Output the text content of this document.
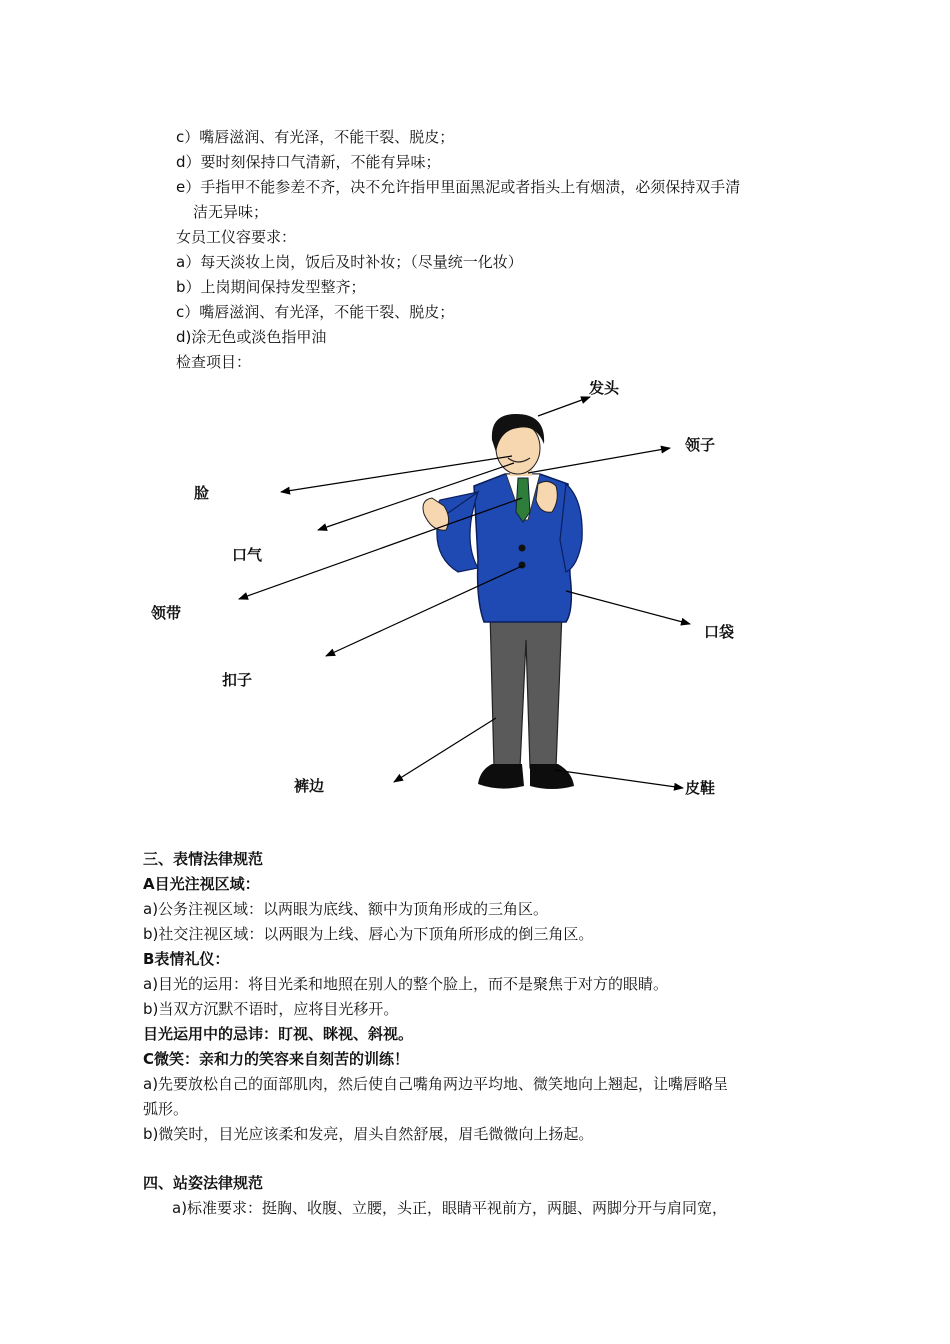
c）嘴唇滋润、有光泽，不能干裂、脱皮；
d）要时刻保持口气清新，不能有异味；
e）手指甲不能参差不齐，决不允许指甲里面黑泥或者指头上有烟渍，必须保持双手清
洁无异味；
女员工仪容要求：
a）每天淡妆上岗，饭后及时补妆；（尽量统一化妆）
b）上岗期间保持发型整齐；
c）嘴唇滋润、有光泽，不能干裂、脱皮；
d)涂无色或淡色指甲油
检查项目：
发头
领子
脸
口气
领带
口袋
扣子
裤边	皮鞋
三、表情法律规范
A目光注视区域：
a)公务注视区域：以两眼为底线、额中为顶角形成的三角区。
b)社交注视区域：以两眼为上线、唇心为下顶角所形成的倒三角区。
B表情礼仪：
a)目光的运用：将目光柔和地照在别人的整个脸上，而不是聚焦于对方的眼睛。
b)当双方沉默不语时，应将目光移开。
目光运用中的忌讳：盯视、眯视、斜视。
C微笑：亲和力的笑容来自刻苦的训练！
a)先要放松自己的面部肌肉，然后使自己嘴角两边平均地、微笑地向上翘起，让嘴唇略呈
弧形。
b)微笑时，目光应该柔和发亮，眉头自然舒展，眉毛微微向上扬起。
四、站姿法律规范
a)标准要求：挺胸、收腹、立腰，头正，眼睛平视前方，两腿、两脚分开与肩同宽，
